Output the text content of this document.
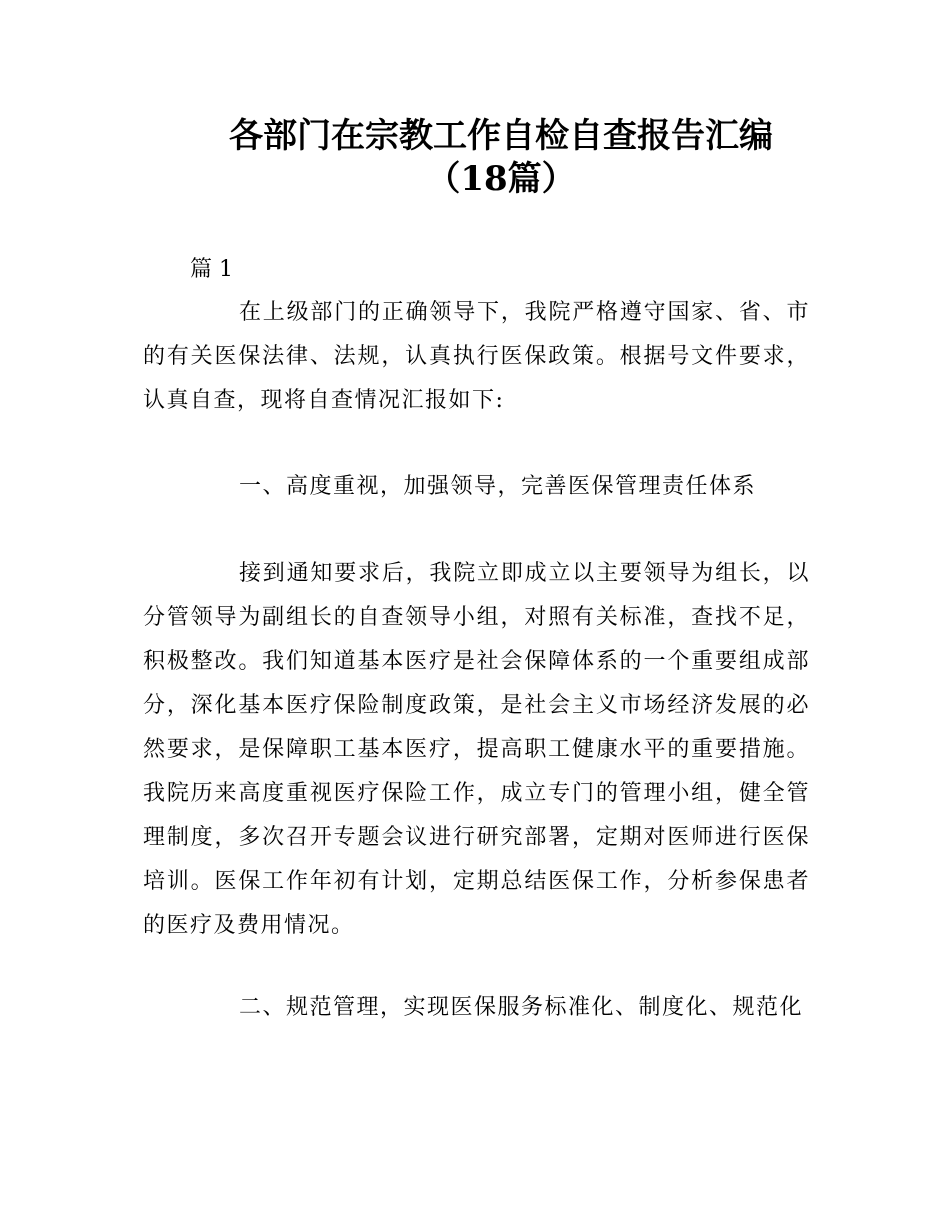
各部门在宗教工作自检自查报告汇编
（18篇）
篇 1

在上级部门的正确领导下，我院严格遵守国家、省、市的有关医保法律、法规，认真执行医保政策。根据号文件要求，认真自查，现将自查情况汇报如下:

一、高度重视，加强领导，完善医保管理责任体系

接到通知要求后，我院立即成立以主要领导为组长，以分管领导为副组长的自查领导小组，对照有关标准，查找不足，积极整改。我们知道基本医疗是社会保障体系的一个重要组成部分，深化基本医疗保险制度政策，是社会主义市场经济发展的必然要求，是保障职工基本医疗，提高职工健康水平的重要措施。我院历来高度重视医疗保险工作，成立专门的管理小组，健全管理制度，多次召开专题会议进行研究部署，定期对医师进行医保培训。医保工作年初有计划，定期总结医保工作，分析参保患者的医疗及费用情况。

二、规范管理，实现医保服务标准化、制度化、规范化
